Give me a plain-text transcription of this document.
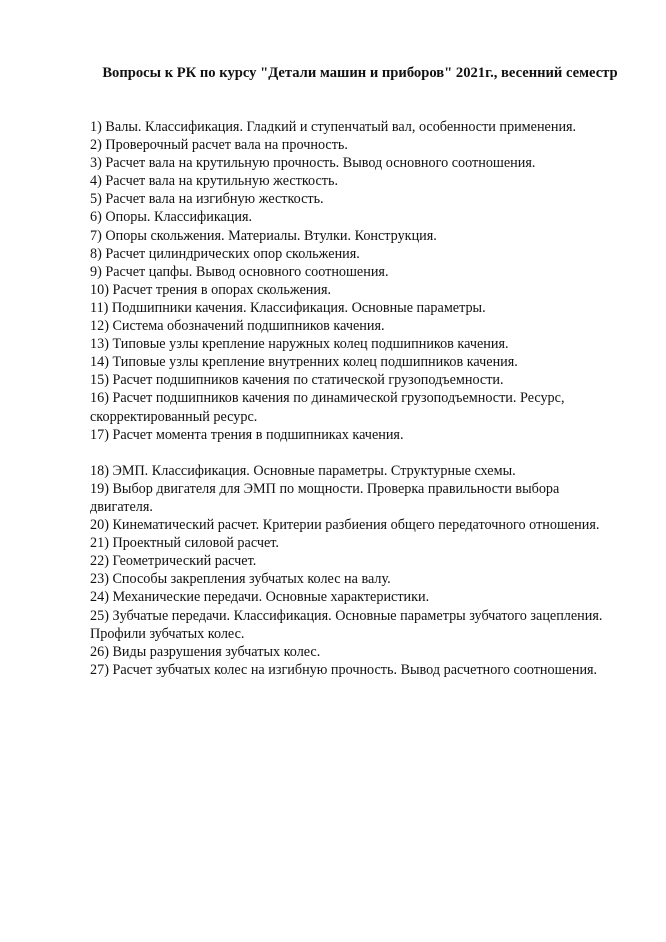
Вопросы к РК по курсу "Детали машин и приборов" 2021г., весенний семестр

1) Валы. Классификация. Гладкий и ступенчатый вал, особенности применения.

2) Проверочный расчет вала на прочность.

3) Расчет вала на крутильную прочность. Вывод основного соотношения.

4) Расчет вала на крутильную жесткость.

5) Расчет вала на изгибную жесткость.

6) Опоры. Классификация.

7) Опоры скольжения. Материалы. Втулки. Конструкция.

8) Расчет цилиндрических опор скольжения.

9) Расчет цапфы. Вывод основного соотношения.

10) Расчет трения в опорах скольжения.

11) Подшипники качения. Классификация. Основные параметры.

12) Система обозначений подшипников качения.

13) Типовые узлы крепление наружных колец подшипников качения.

14) Типовые узлы крепление внутренних колец подшипников качения.

15) Расчет подшипников качения по статической грузоподъемности.

16) Расчет подшипников качения по динамической грузоподъемности. Ресурс, скорректированный ресурс.

17) Расчет момента трения в подшипниках качения.

18) ЭМП. Классификация. Основные параметры. Структурные схемы.

19) Выбор двигателя для ЭМП по мощности. Проверка правильности выбора двигателя.

20) Кинематический расчет. Критерии разбиения общего передаточного отношения.

21) Проектный силовой расчет.

22) Геометрический расчет.

23) Способы закрепления зубчатых колес на валу.

24) Механические передачи. Основные характеристики.

25) Зубчатые передачи. Классификация. Основные параметры зубчатого зацепления. Профили зубчатых колес.

26) Виды разрушения зубчатых колес.

27) Расчет зубчатых колес на изгибную прочность. Вывод расчетного соотношения.
